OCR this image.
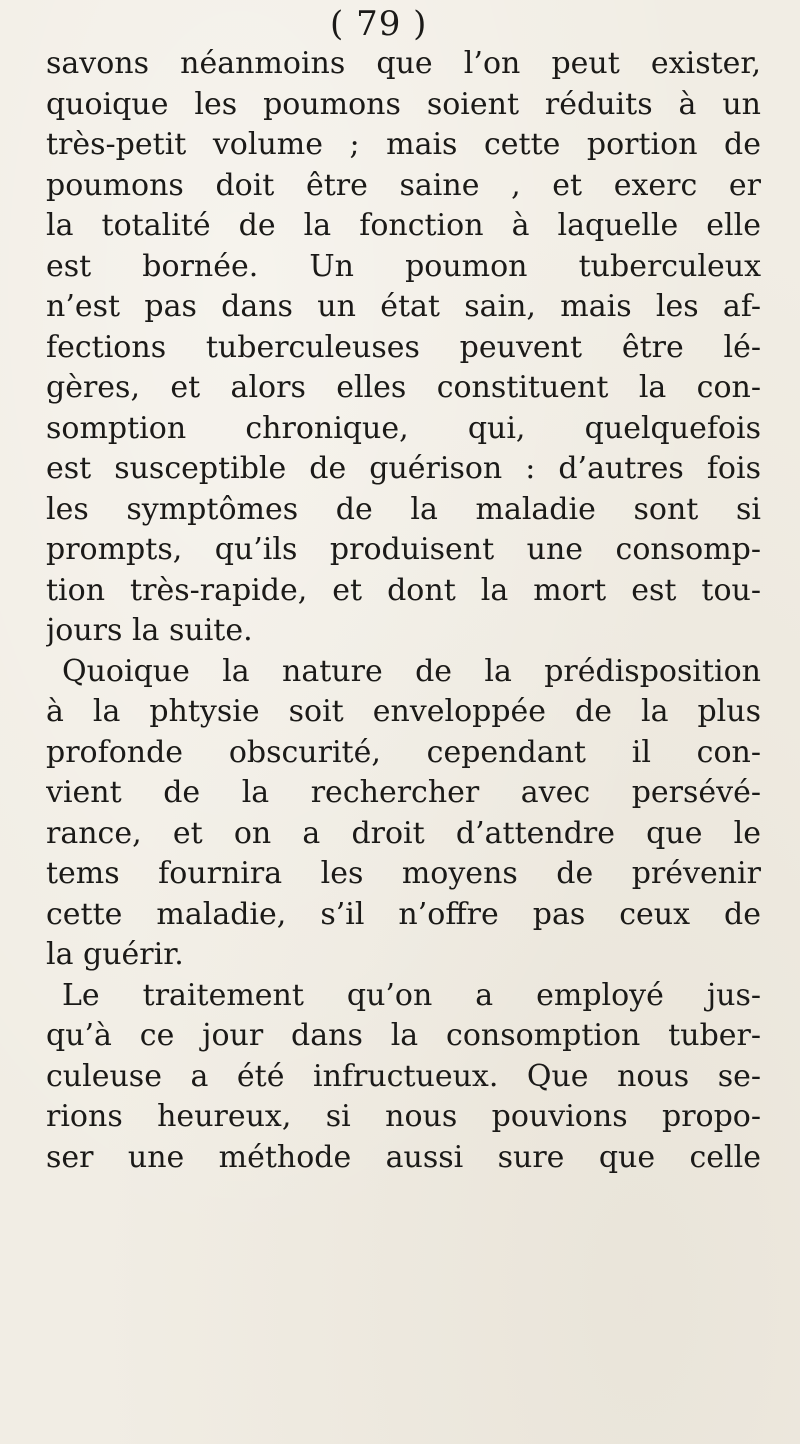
( 79 )
savons néanmoins que l’on peut exister,
quoique les poumons soient réduits à un
très-petit volume ; mais cette portion de
poumons doit être saine , et exerc er
la totalité de la fonction à laquelle elle
est bornée. Un poumon tuberculeux
n’est pas dans un état sain, mais les af-
fections tuberculeuses peuvent être lé-
gères, et alors elles constituent la con-
somption chronique, qui, quelquefois
est susceptible de guérison : d’autres fois
les symptômes de la maladie sont si
prompts, qu’ils produisent une consomp-
tion très-rapide, et dont la mort est tou-
jours la suite.
Quoique la nature de la prédisposition
à la phtysie soit enveloppée de la plus
profonde obscurité, cependant il con-
vient de la rechercher avec persévé-
rance, et on a droit d’attendre que le
tems fournira les moyens de prévenir
cette maladie, s’il n’offre pas ceux de
la guérir.
Le traitement qu’on a employé jus-
qu’à ce jour dans la consomption tuber-
culeuse a été infructueux. Que nous se-
rions heureux, si nous pouvions propo-
ser une méthode aussi sure que celle
